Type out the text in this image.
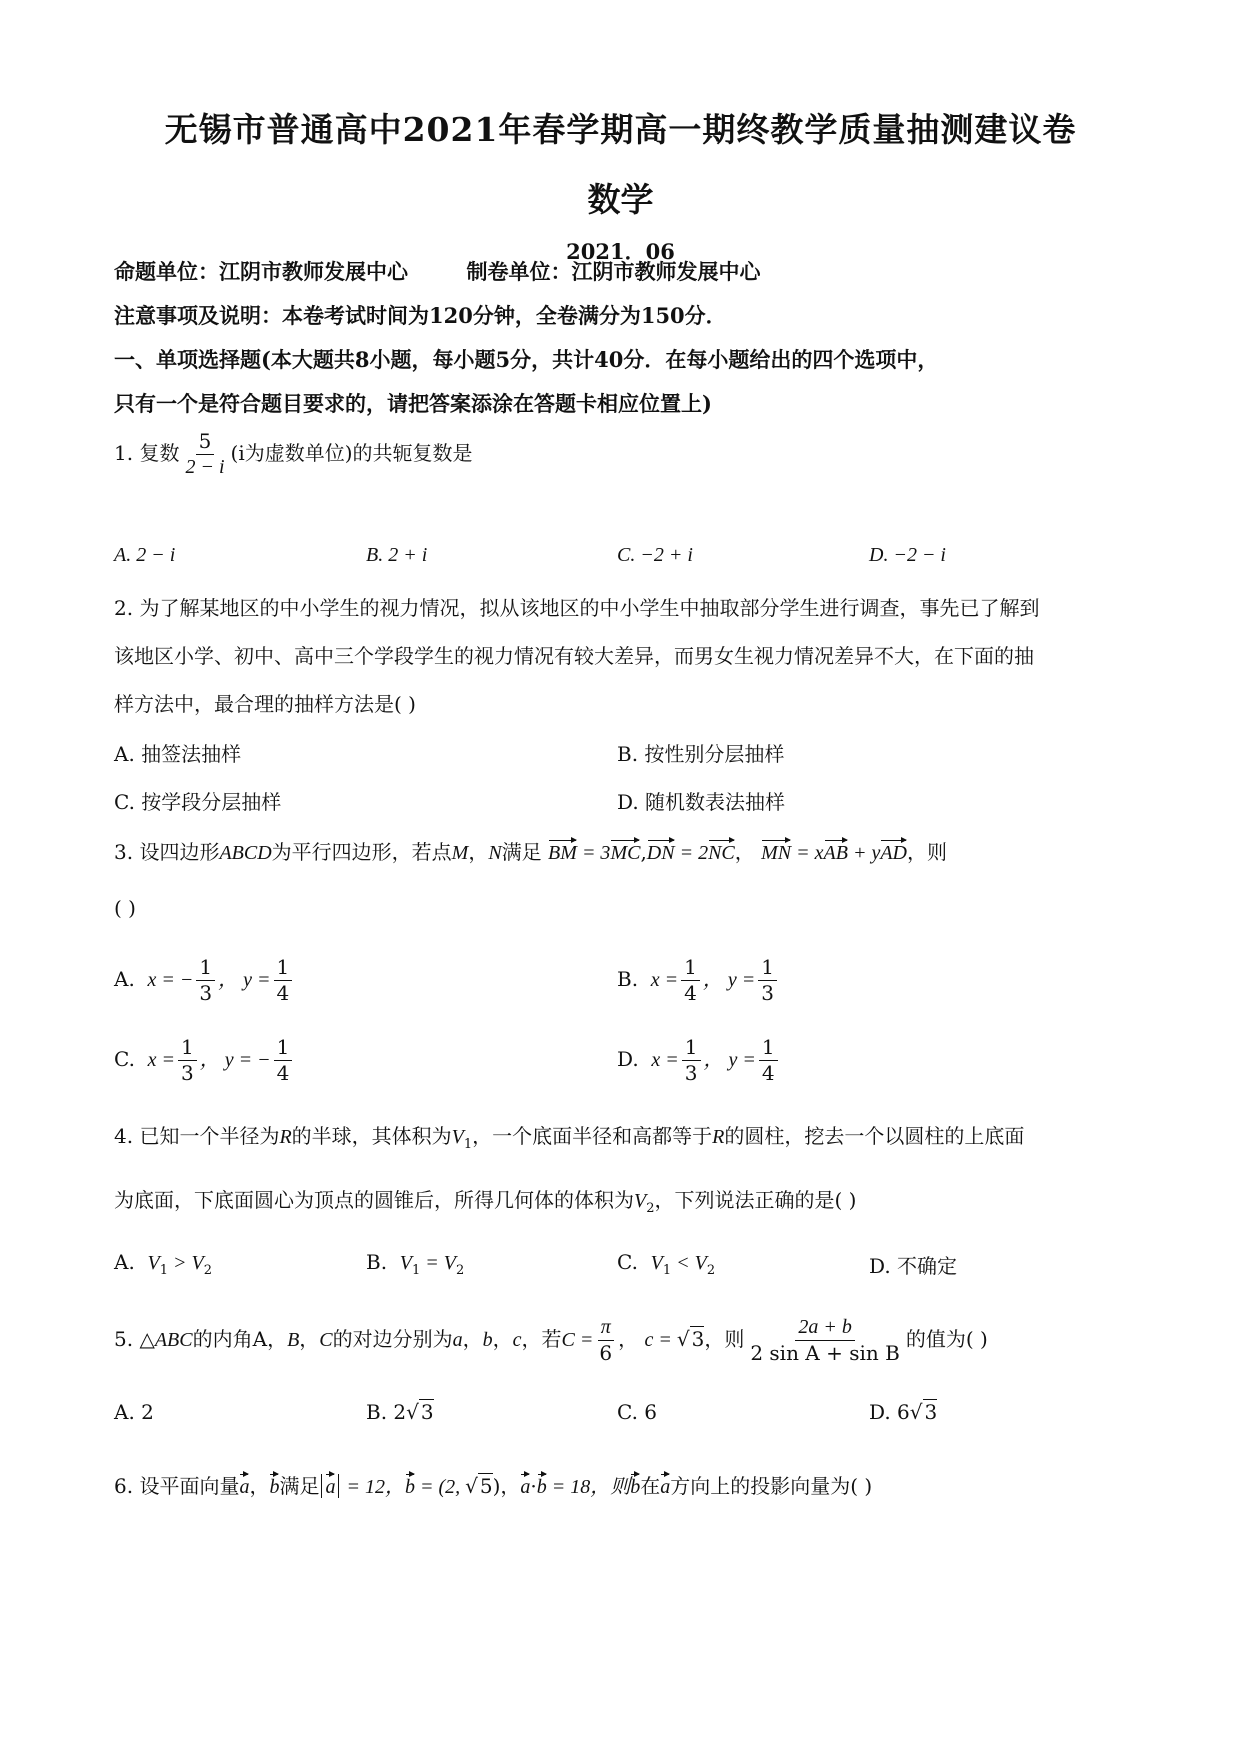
无锡市普通高中2021年春学期高一期终教学质量抽测建议卷
数学
2021．06
命题单位：江阴市教师发展中心        制卷单位：江阴市教师发展中心
注意事项及说明：本卷考试时间为120分钟，全卷满分为150分．
一、单项选择题(本大题共8小题，每小题5分，共计40分．在每小题给出的四个选项中，
只有一个是符合题目要求的，请把答案添涂在答题卡相应位置上)
1. 复数 $\frac{5}{2 - i} (i$为虚数单位)的共轭复数是
A. 2 − i	B. 2 + i	C. −2 + i	D. −2 − i
2. 为了解某地区的中小学生的视力情况，拟从该地区的中小学生中抽取部分学生进行调查，事先已了解到
该地区小学、初中、高中三个学段学生的视力情况有较大差异，而男女生视力情况差异不大，在下面的抽
样方法中，最合理的抽样方法是( )
A. 抽签法抽样	B. 按性别分层抽样
C. 按学段分层抽样	D. 随机数表法抽样
3. 设四边形ABCD为平行四边形，若点M，N满足 BM = 3MC,DN = 2NC， MN = xAB + yAD，则
( )
A. x = − $\frac{1}{3}$ ， $y = \frac{1}{4}$	B. $x = \frac{1}{4}$ ， $y = \frac{1}{3}$
C. $x = \frac{1}{3}$ ， y = − $\frac{1}{4}$	D. $x = \frac{1}{3}$ ， $y = \frac{1}{4}$
4. 已知一个半径为R的半球，其体积为$V_1$，一个底面半径和高都等于R的圆柱，挖去一个以圆柱的上底面
为底面，下底面圆心为顶点的圆锥后，所得几何体的体积为$V_2$，下列说法正确的是( )
A. $V_1 > V_2$	B. $V_1 = V_2$	C. $V_1 < V_2$	D. 不确定
5. △ABC的内角A，B，C的对边分别为a，b，c，若$C = \frac{\pi}{6}$ ， c = √ 3，则 $\frac{2a + b}{\text{2 sin A + sin B}}$ 的值为( )
A. 2	B. 2√ 3	C. 6	D. 6√ 3
6. 设平面向量a，b满足 a = 12，b = (2, √ 5)，a·b = 18，则b在a方向上的投影向量为( )
